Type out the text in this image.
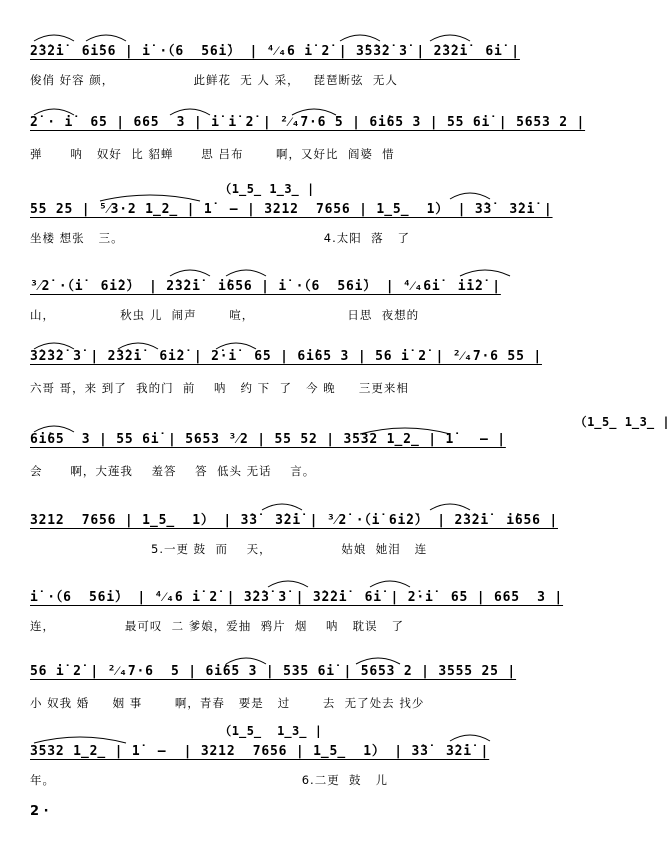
2̇3̇2̇i̇  6i̇56 | i̇ ·（6  56i̇） | ⁴⁄₄6 i̇ 2̇ | 3̇5̇3̇2̇ 3̇ | 2̇3̇2̇i̇  6i̇ |
俊俏 好容 颜，                 此鲜花  无 人 采，   琵琶断弦  无人
2̇ · i̇  65 | 665  3 | i̇ i̇ 2̇ | ²⁄₄7·6 5 | 6i̇65 3 | 55 6i̇ | 5653 2 |
弹      呐   奴好  比 貂蝉      思 吕布       啊，又好比  阎婆  惜
（1̲5̲ 1̲3̲ |
55 25 | ⁵⁄3·2 1̲2̲ | 1̇  – | 3212  7656 | 1̲5̲  1） | 3̇3̇  3̇2̇i̇ |
坐楼 想张   三。                                           4.太阳  落   了
³⁄2̇ ·（i̇  6i̇2̇） | 2̇3̇2̇i̇  i̇656 | i̇ ·（6  56i̇） | ⁴⁄₄6i̇  i̇i̇2̇ |
山，              秋虫 儿  闹声       喧，                    日思  夜想的
3̇2̇3̇2̇ 3̇ | 2̇3̇2̇i̇  6i̇2̇ | 2̇·i̇  65 | 6i̇65 3 | 56 i̇ 2̇ | ²⁄₄7·6 55 |
六哥 哥，来 到了  我的门  前    呐   约 下  了   今 晚     三更来相
（1̲5̲ 1̲3̲ |
6i̇65  3 | 55 6i̇ | 5653 ³⁄2 | 55 52 | 3532 1̲2̲ | 1̇   – |
会      啊，大莲我    羞答    答  低头 无话    言。
3212  7656 | 1̲5̲  1） | 3̇3̇  3̇2̇i̇ | ³⁄2̇ ·（i̇ 6i̇2̇） | 2̇3̇2̇i̇  i̇656 |
5.一更 鼓  而    天，               姑娘  她泪   连
i̇ ·（6  56i̇） | ⁴⁄₄6 i̇ 2̇ | 3̇2̇3̇ 3̇ | 3̇2̇2̇i̇  6i̇ | 2̇·i̇  65 | 665  3 |
连，               最可叹  二 爹娘，爱抽  鸦片  烟    呐   耽误   了
56 i̇ 2̇ | ²⁄₄7·6  5 | 6i̇65 3 | 535 6i̇ | 5653 2 | 3555 25 |
小 奴我 婚     姻 事       啊，青春   要是   过       去  无了处去 找少
（1̲5̲  1̲3̲ |
3532 1̲2̲ | 1̇  –  | 3212  7656 | 1̲5̲  1） | 3̇3̇  3̇2̇i̇ |
年。                                                     6.二更  鼓   儿
2 ·
